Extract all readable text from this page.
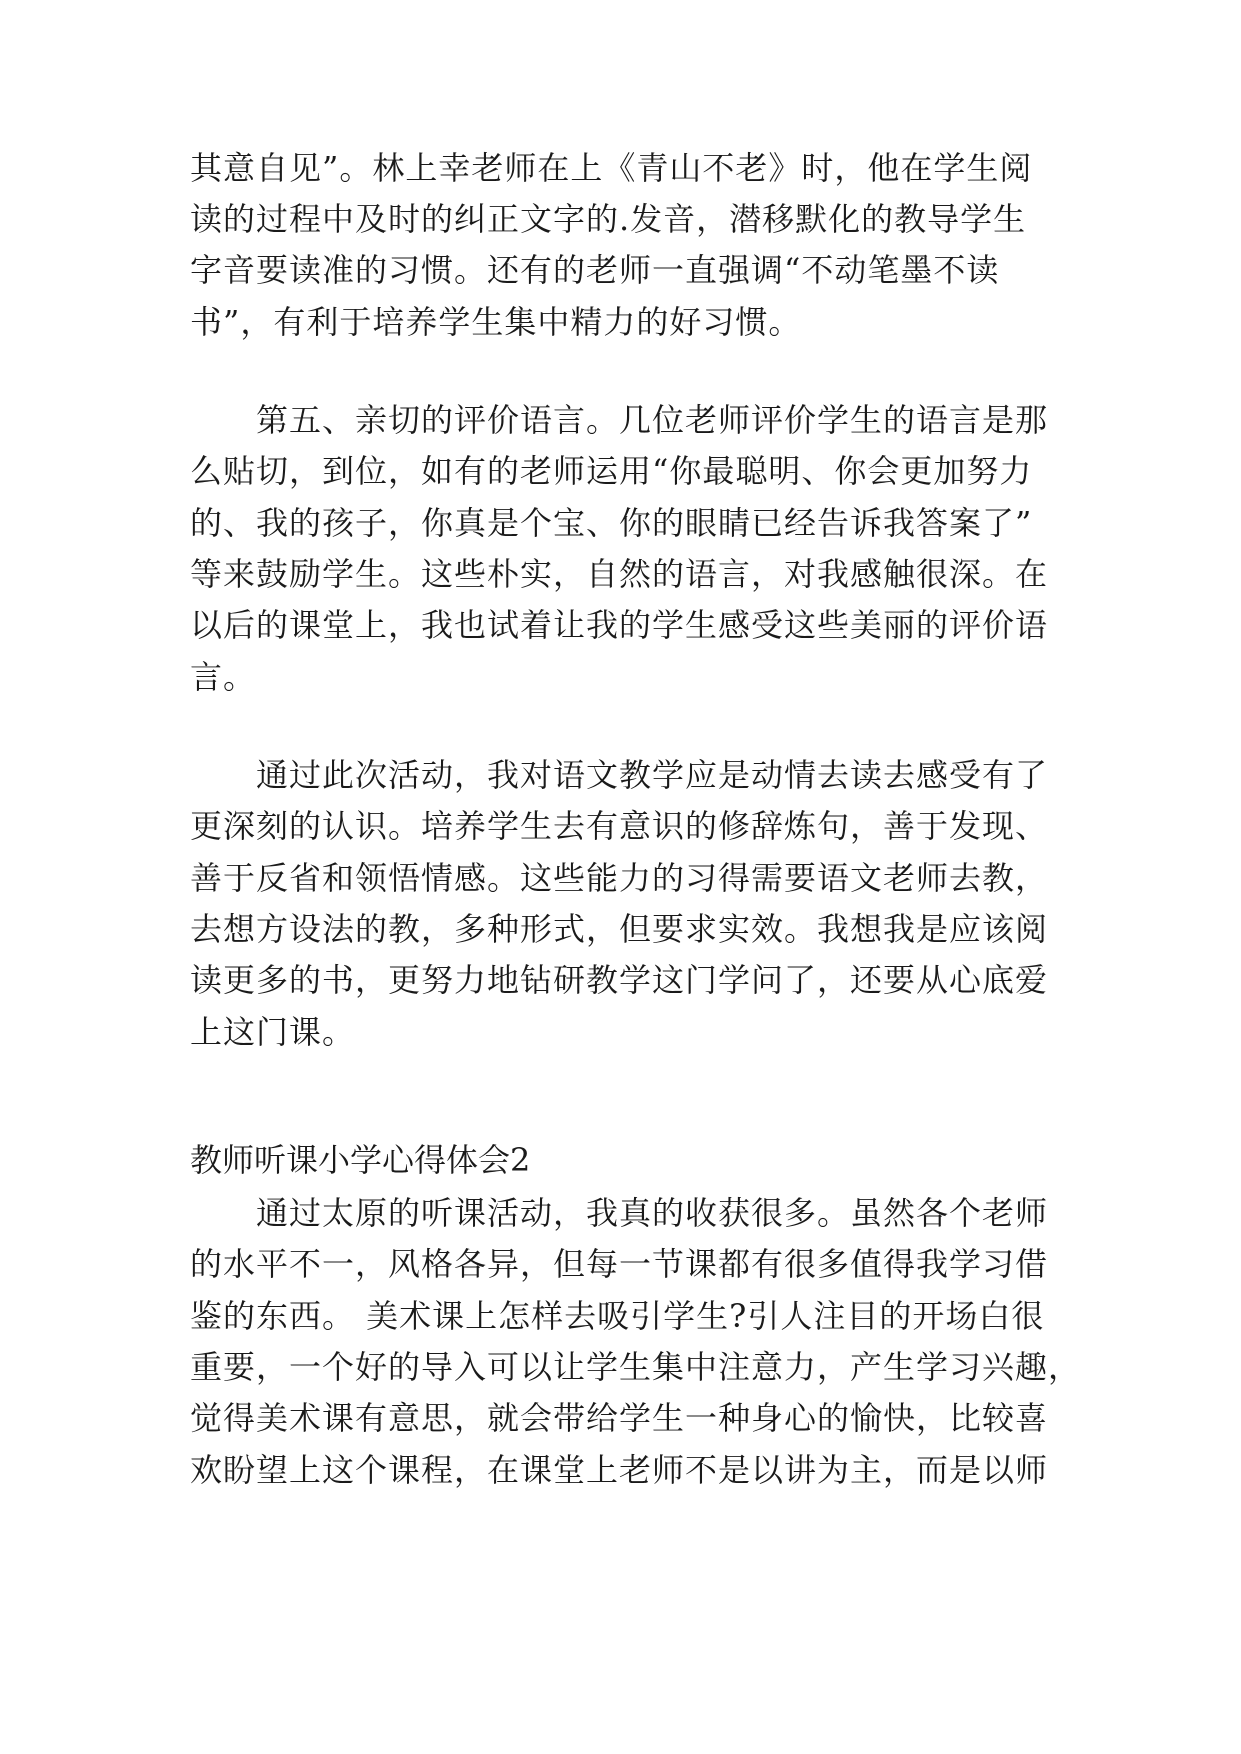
其意自见”。林上幸老师在上《青山不老》时，他在学生阅
读的过程中及时的纠正文字的.发音，潜移默化的教导学生
字音要读准的习惯。还有的老师一直强调“不动笔墨不读
书”，有利于培养学生集中精力的好习惯。
第五、亲切的评价语言。几位老师评价学生的语言是那
么贴切，到位，如有的老师运用“你最聪明、你会更加努力
的、我的孩子，你真是个宝、你的眼睛已经告诉我答案了”
等来鼓励学生。这些朴实，自然的语言，对我感触很深。在
以后的课堂上，我也试着让我的学生感受这些美丽的评价语
言。
通过此次活动，我对语文教学应是动情去读去感受有了
更深刻的认识。培养学生去有意识的修辞炼句，善于发现、
善于反省和领悟情感。这些能力的习得需要语文老师去教，
去想方设法的教，多种形式，但要求实效。我想我是应该阅
读更多的书，更努力地钻研教学这门学问了，还要从心底爱
上这门课。
教师听课小学心得体会2
通过太原的听课活动，我真的收获很多。虽然各个老师
的水平不一，风格各异，但每一节课都有很多值得我学习借
鉴的东西。 美术课上怎样去吸引学生?引人注目的开场白很
重要，一个好的导入可以让学生集中注意力，产生学习兴趣，
觉得美术课有意思，就会带给学生一种身心的愉快，比较喜
欢盼望上这个课程，在课堂上老师不是以讲为主，而是以师
